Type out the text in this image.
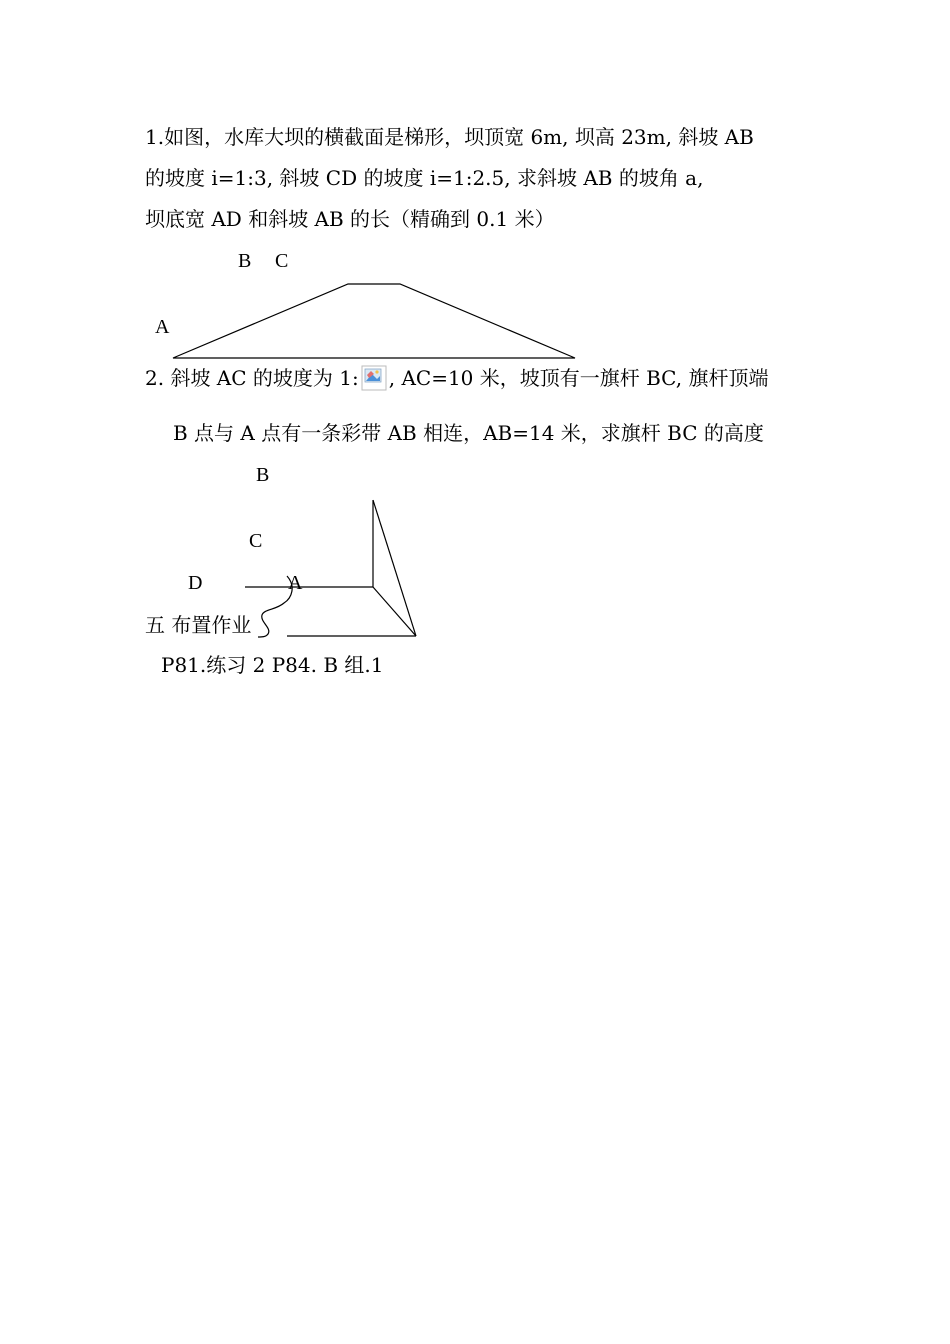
1.如图，水库大坝的横截面是梯形，坝顶宽 6m, 坝高 23m, 斜坡 AB
的坡度 i=1:3, 斜坡 CD 的坡度 i=1:2.5, 求斜坡 AB 的坡角 a,
坝底宽 AD 和斜坡 AB 的长（精确到 0.1 米）
B C
A
2. 斜坡 AC 的坡度为 1: , AC=10 米，坡顶有一旗杆 BC, 旗杆顶端
B 点与 A 点有一条彩带 AB 相连，AB=14 米，求旗杆 BC 的高度
B
C
D	A
五 布置作业
P81.练习 2 P84. B 组.1
